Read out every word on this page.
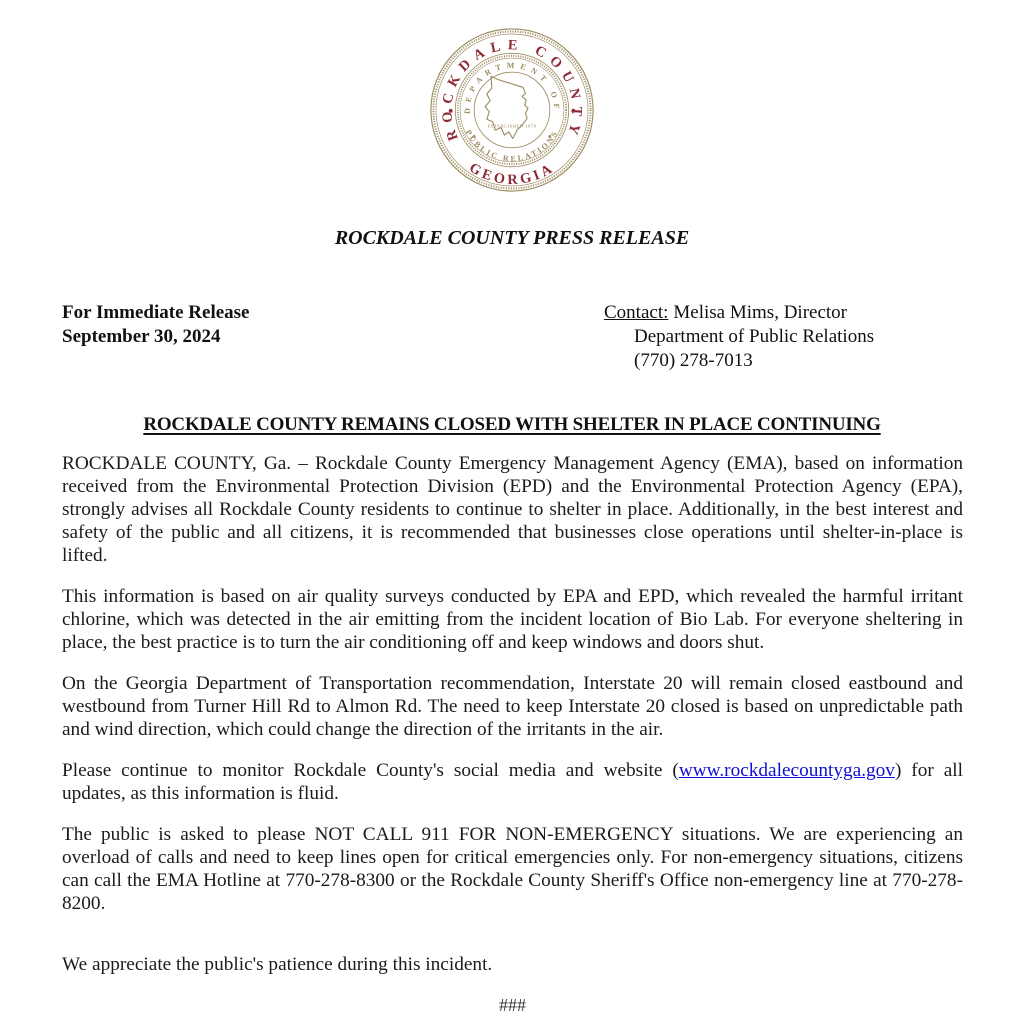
ROCKDALE COUNTY
GEORGIA
DEPARTMENT OF
PUBLIC RELATIONS
ESTABLISHED 1870
ROCKDALE COUNTY PRESS RELEASE
For Immediate Release
September 30, 2024
Contact: Melisa Mims, Director
Department of Public Relations
(770) 278-7013
ROCKDALE COUNTY REMAINS CLOSED WITH SHELTER IN PLACE CONTINUING

ROCKDALE COUNTY, Ga. – Rockdale County Emergency Management Agency (EMA), based on information received from the Environmental Protection Division (EPD) and the Environmental Protection Agency (EPA), strongly advises all Rockdale County residents to continue to shelter in place. Additionally, in the best interest and safety of the public and all citizens, it is recommended that businesses close operations until shelter-in-place is lifted.

This information is based on air quality surveys conducted by EPA and EPD, which revealed the harmful irritant chlorine, which was detected in the air emitting from the incident location of Bio Lab. For everyone sheltering in place, the best practice is to turn the air conditioning off and keep windows and doors shut.

On the Georgia Department of Transportation recommendation, Interstate 20 will remain closed eastbound and westbound from Turner Hill Rd to Almon Rd. The need to keep Interstate 20 closed is based on unpredictable path and wind direction, which could change the direction of the irritants in the air.

Please continue to monitor Rockdale County's social media and website (www.rockdalecountyga.gov) for all updates, as this information is fluid.

The public is asked to please NOT CALL 911 FOR NON-EMERGENCY situations. We are experiencing an overload of calls and need to keep lines open for critical emergencies only. For non-emergency situations, citizens can call the EMA Hotline at 770-278-8300 or the Rockdale County Sheriff's Office non-emergency line at 770-278-8200.

We appreciate the public's patience during this incident.

###
